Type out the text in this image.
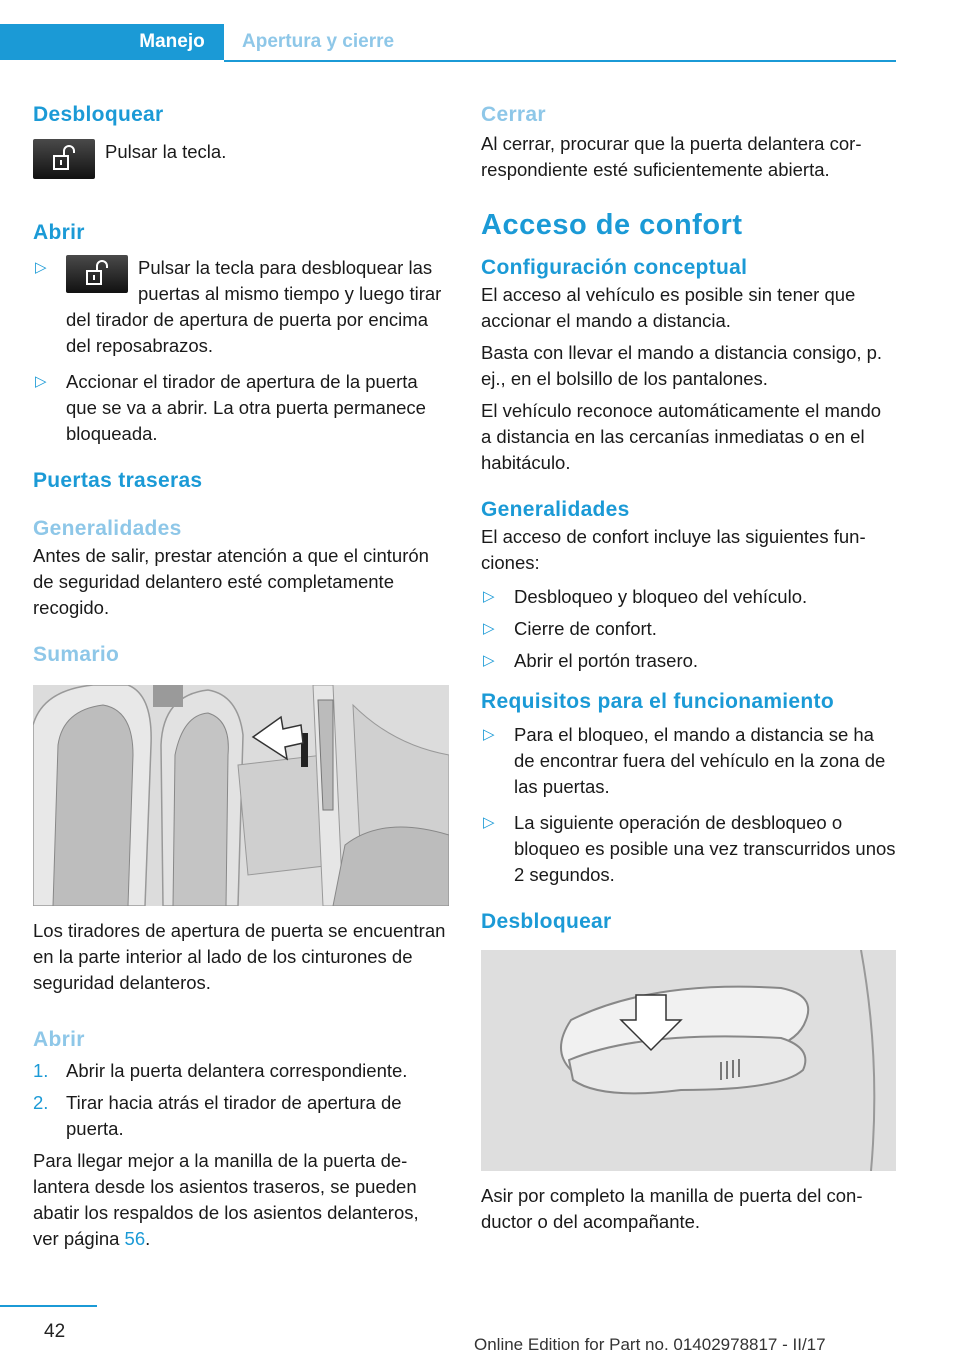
Manejo	Apertura y cierre
Desbloquear

Pulsar la tecla.

Abrir
▷	Pulsar la tecla para desbloquear las puertas al mismo tiempo y luego tirar del tirador de apertura de puerta por encima del reposabrazos.
▷ Accionar el tirador de apertura de la puerta que se va a abrir. La otra puerta permanece bloqueada.
Puertas traseras
Generalidades

Antes de salir, prestar atención a que el cinturón de seguridad delantero esté completamente recogido.

Sumario

Los tiradores de apertura de puerta se encuentran en la parte interior al lado de los cinturones de seguridad delanteros.

Abrir
1. Abrir la puerta delantera correspondiente.
2. Tirar hacia atrás el tirador de apertura de puerta.

Para llegar mejor a la manilla de la puerta delantera desde los asientos traseros, se pueden abatir los respaldos de los asientos delanteros, ver página 56.

Cerrar

Al cerrar, procurar que la puerta delantera correspondiente esté suficientemente abierta.

Acceso de confort
Configuración conceptual

El acceso al vehículo es posible sin tener que accionar el mando a distancia.

Basta con llevar el mando a distancia consigo, p. ej., en el bolsillo de los pantalones.

El vehículo reconoce automáticamente el mando a distancia en las cercanías inmediatas o en el habitáculo.

Generalidades

El acceso de confort incluye las siguientes funciones:

▷ Desbloqueo y bloqueo del vehículo.
▷ Cierre de confort.
▷ Abrir el portón trasero.
Requisitos para el funcionamiento
▷ Para el bloqueo, el mando a distancia se ha de encontrar fuera del vehículo en la zona de las puertas.
▷ La siguiente operación de desbloqueo o bloqueo es posible una vez transcurridos unos 2 segundos.
Desbloquear

Asir por completo la manilla de puerta del conductor o del acompañante.

42
Online Edition for Part no. 01402978817 - II/17
